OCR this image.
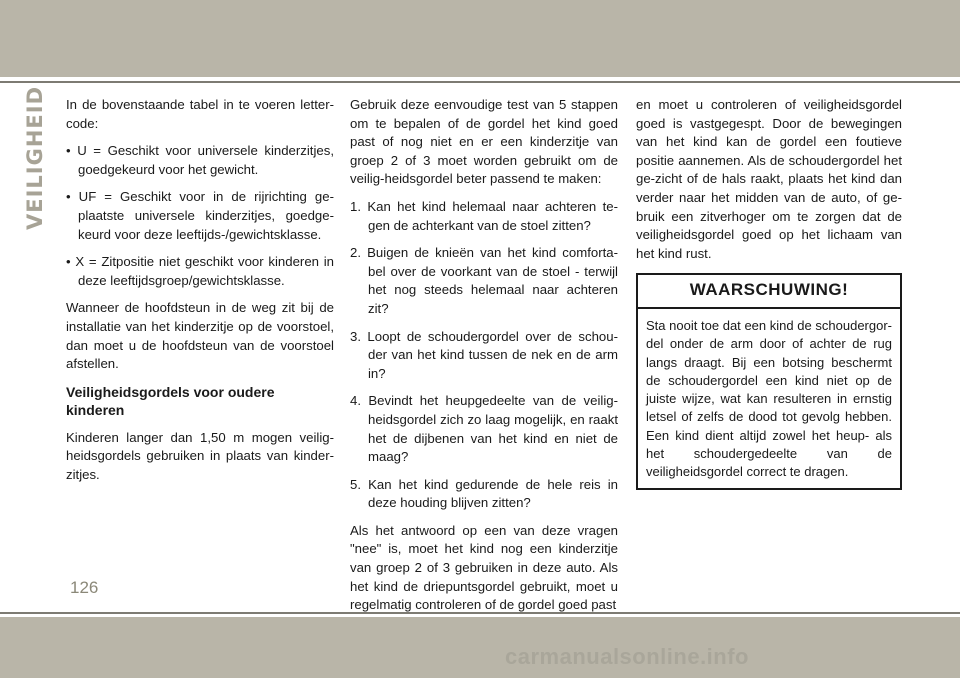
VEILIGHEID In de bovenstaande tabel in te voeren letter-code:

• U = Geschikt voor universele kinderzitjes, goedgekeurd voor het gewicht.

• UF = Geschikt voor in de rijrichting ge-plaatste universele kinderzitjes, goedge-keurd voor deze leeftijds-/gewichtsklasse.

• X = Zitpositie niet geschikt voor kinderen in deze leeftijdsgroep/gewichtsklasse.

Wanneer de hoofdsteun in de weg zit bij de installatie van het kinderzitje op de voorstoel, dan moet u de hoofdsteun van de voorstoel afstellen.

Veiligheidsgordels voor oudere kinderen

Kinderen langer dan 1,50 m mogen veilig-heidsgordels gebruiken in plaats van kinder-zitjes.

Gebruik deze eenvoudige test van 5 stappen om te bepalen of de gordel het kind goed past of nog niet en er een kinderzitje van groep 2 of 3 moet worden gebruikt om de veilig-heidsgordel beter passend te maken:

1. Kan het kind helemaal naar achteren te-gen de achterkant van de stoel zitten?

2. Buigen de knieën van het kind comforta-bel over de voorkant van de stoel - terwijl het nog steeds helemaal naar achteren zit?

3. Loopt de schoudergordel over de schou-der van het kind tussen de nek en de arm in?

4. Bevindt het heupgedeelte van de veilig-heidsgordel zich zo laag mogelijk, en raakt het de dijbenen van het kind en niet de maag?

5. Kan het kind gedurende de hele reis in deze houding blijven zitten?

Als het antwoord op een van deze vragen "nee" is, moet het kind nog een kinderzitje van groep 2 of 3 gebruiken in deze auto. Als het kind de driepuntsgordel gebruikt, moet u regelmatig controleren of de gordel goed past

en moet u controleren of veiligheidsgordel goed is vastgegespt. Door de bewegingen van het kind kan de gordel een foutieve positie aannemen. Als de schoudergordel het ge-zicht of de hals raakt, plaats het kind dan verder naar het midden van de auto, of ge-bruik een zitverhoger om te zorgen dat de veiligheidsgordel goed op het lichaam van het kind rust.

WAARSCHUWING!
Sta nooit toe dat een kind de schoudergor-del onder de arm door of achter de rug langs draagt. Bij een botsing beschermt de schoudergordel een kind niet op de juiste wijze, wat kan resulteren in ernstig letsel of zelfs de dood tot gevolg hebben. Een kind dient altijd zowel het heup- als het schoudergedeelte van de veiligheidsgordel correct te dragen.
126
carmanualsonline.info
